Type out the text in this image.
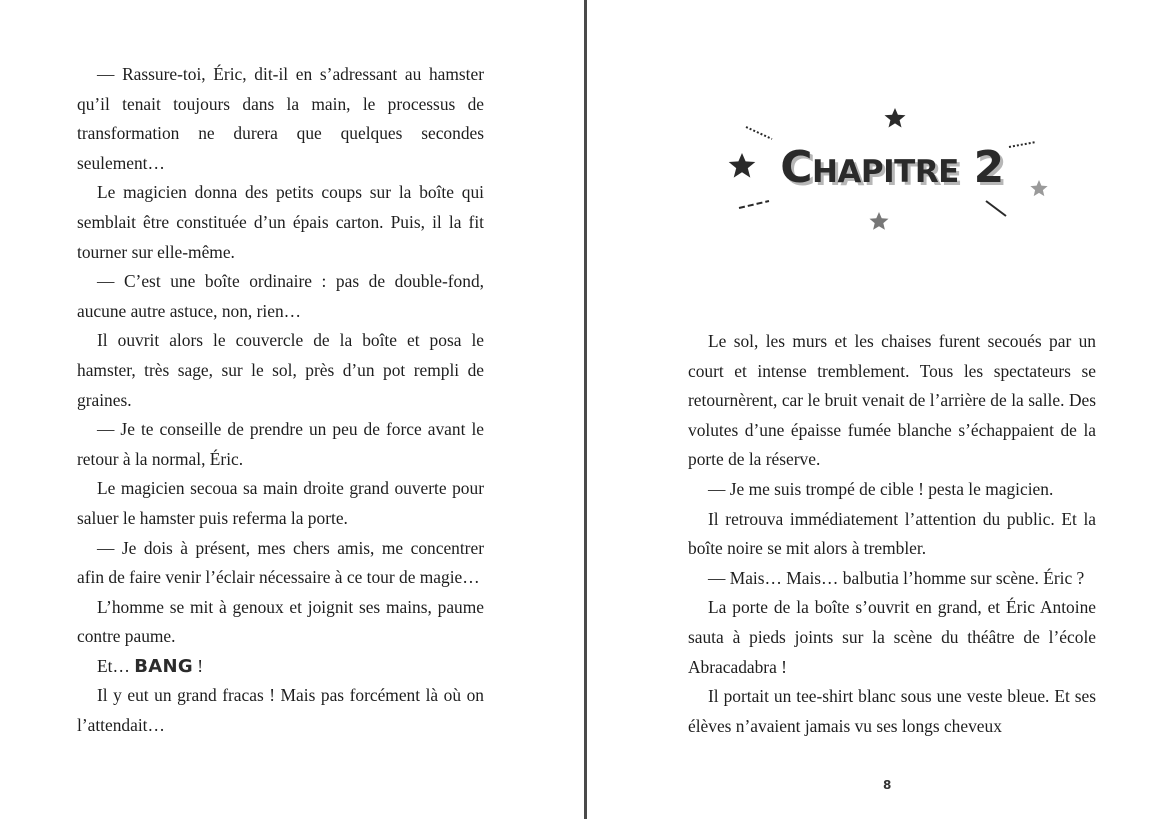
— Rassure-toi, Éric, dit-il en s’adressant au hamster qu’il tenait toujours dans la main, le processus de transformation ne durera que quelques secondes seulement…

Le magicien donna des petits coups sur la boîte qui semblait être constituée d’un épais carton. Puis, il la fit tourner sur elle-même.

— C’est une boîte ordinaire : pas de double-fond, aucune autre astuce, non, rien…

Il ouvrit alors le couvercle de la boîte et posa le hamster, très sage, sur le sol, près d’un pot rempli de graines.

— Je te conseille de prendre un peu de force avant le retour à la normal, Éric.

Le magicien secoua sa main droite grand ouverte pour saluer le hamster puis referma la porte.

— Je dois à présent, mes chers amis, me concentrer afin de faire venir l’éclair nécessaire à ce tour de magie…

L’homme se mit à genoux et joignit ses mains, paume contre paume.

Et… BANG !

Il y eut un grand fracas ! Mais pas forcément là où on l’attendait…

Chapitre 2

Le sol, les murs et les chaises furent secoués par un court et intense tremblement. Tous les spectateurs se retournèrent, car le bruit venait de l’arrière de la salle. Des volutes d’une épaisse fumée blanche s’échappaient de la porte de la réserve.

— Je me suis trompé de cible ! pesta le magicien.

Il retrouva immédiatement l’attention du public. Et la boîte noire se mit alors à trembler.

— Mais… Mais… balbutia l’homme sur scène. Éric ?

La porte de la boîte s’ouvrit en grand, et Éric Antoine sauta à pieds joints sur la scène du théâtre de l’école Abracadabra !

Il portait un tee-shirt blanc sous une veste bleue. Et ses élèves n’avaient jamais vu ses longs cheveux

8
